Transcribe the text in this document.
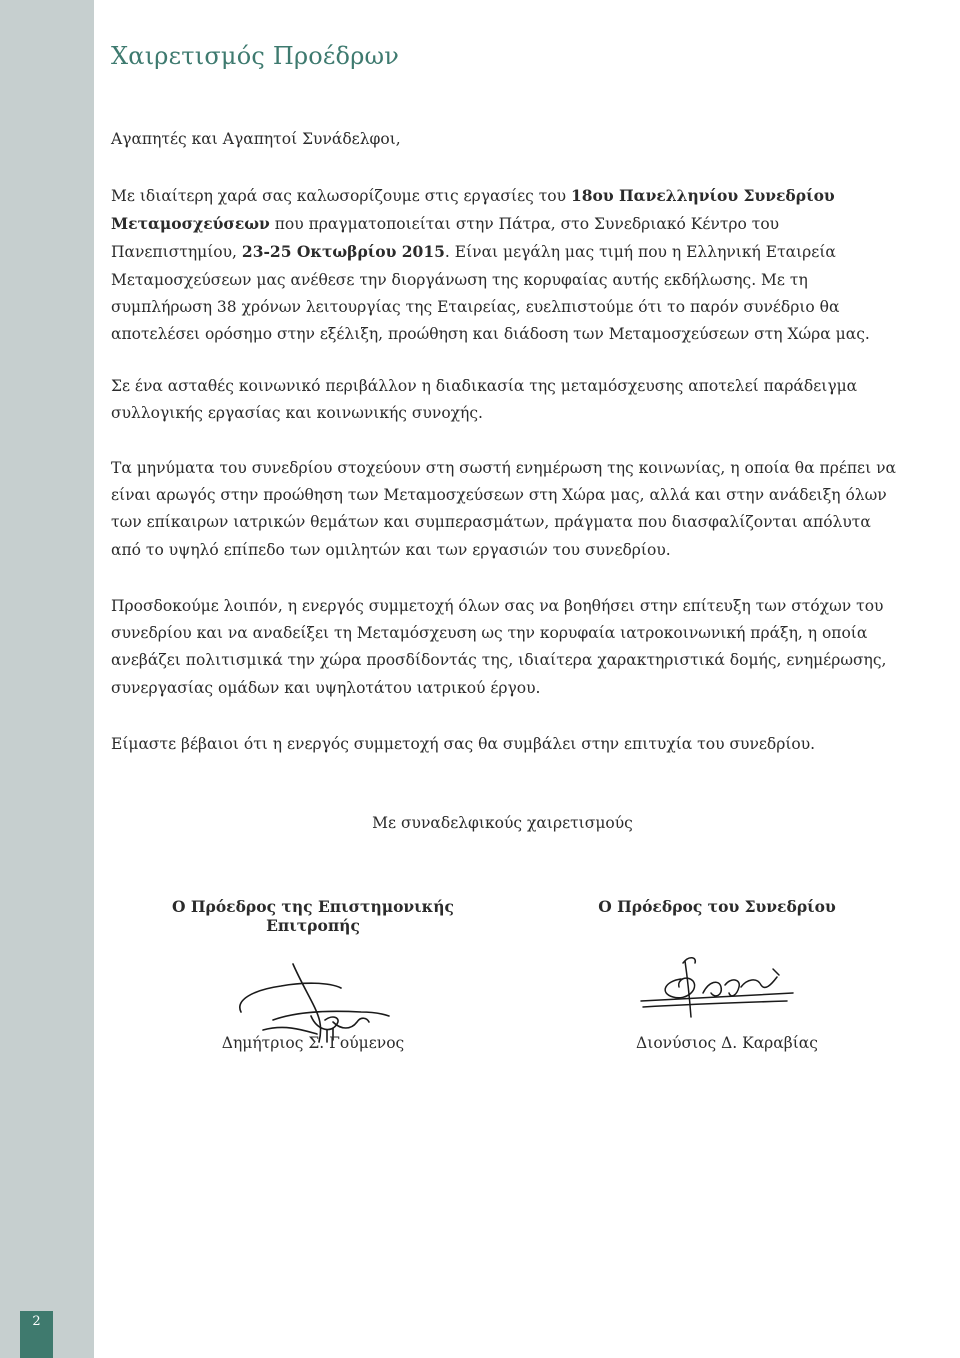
2
Χαιρετισμός Προέδρων

Αγαπητές και Αγαπητοί Συνάδελφοι,

Με ιδιαίτερη χαρά σας καλωσορίζουμε στις εργασίες του 18ου Πανελληνίου Συνεδρίου Μεταμοσχεύσεων που πραγματοποιείται στην Πάτρα, στο Συνεδριακό Κέντρο του Πανεπιστημίου, 23-25 Οκτωβρίου 2015. Είναι μεγάλη μας τιμή που η Ελληνική Εταιρεία Μεταμοσχεύσεων μας ανέθεσε την διοργάνωση της κορυφαίας αυτής εκδήλωσης. Με τη συμπλήρωση 38 χρόνων λειτουργίας της Εταιρείας, ευελπιστούμε ότι το παρόν συνέδριο θα αποτελέσει ορόσημο στην εξέλιξη, προώθηση και διάδοση των Μεταμοσχεύσεων στη Χώρα μας.

Σε ένα ασταθές κοινωνικό περιβάλλον η διαδικασία της μεταμόσχευσης αποτελεί παράδειγμα συλλογικής εργασίας και κοινωνικής συνοχής.

Τα μηνύματα του συνεδρίου στοχεύουν στη σωστή ενημέρωση της κοινωνίας, η οποία θα πρέπει να είναι αρωγός στην προώθηση των Μεταμοσχεύσεων στη Χώρα μας, αλλά και στην ανάδειξη όλων των επίκαιρων ιατρικών θεμάτων και συμπερασμάτων, πράγματα που διασφαλίζονται απόλυτα από το υψηλό επίπεδο των ομιλητών και των εργασιών του συνεδρίου.

Προσδοκούμε λοιπόν, η ενεργός συμμετοχή όλων σας να βοηθήσει στην επίτευξη των στόχων του συνεδρίου και να αναδείξει τη Μεταμόσχευση ως την κορυφαία ιατροκοινωνική πράξη, η οποία ανεβάζει πολιτισμικά την χώρα προσδίδοντάς της, ιδιαίτερα χαρακτηριστικά δομής, ενημέρωσης, συνεργασίας ομάδων και υψηλοτάτου ιατρικού έργου.

Είμαστε βέβαιοι ότι η ενεργός συμμετοχή σας θα συμβάλει στην επιτυχία του συνεδρίου.

Με συναδελφικούς χαιρετισμούς

Ο Πρόεδρος της Επιστημονικής Επιτροπής

Ο Πρόεδρος του Συνεδρίου

Δημήτριος Σ. Γούμενος	Διονύσιος Δ. Καραβίας
